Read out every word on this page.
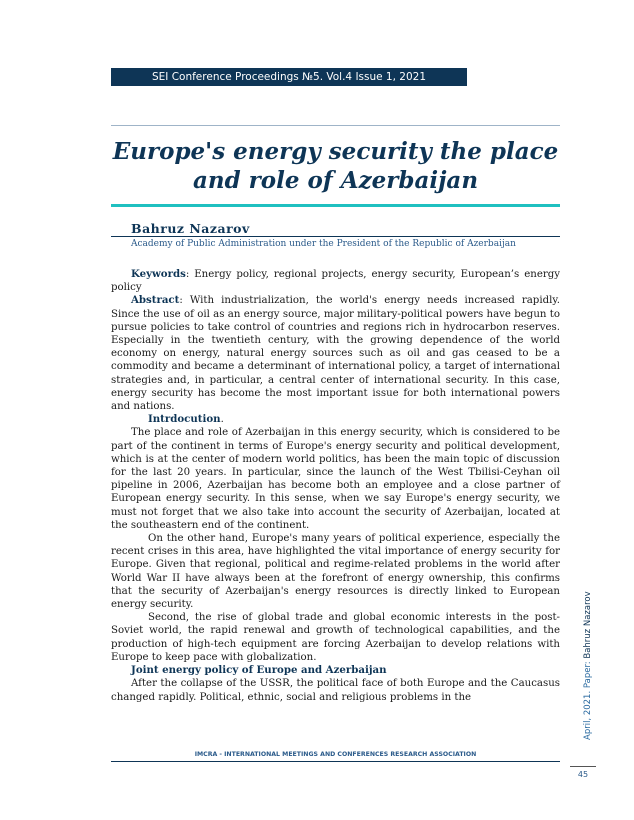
SEI Conference Proceedings №5. Vol.4 Issue 1, 2021
Europe's energy security the place
and role of Azerbaijan
Bahruz Nazarov
Academy of Public Administration under the President of the Republic of Azerbaijan

Keywords: Energy policy, regional projects, energy security, European’s energy policy

Abstract: With industrialization, the world's energy needs increased rapidly. Since the use of oil as an energy source, major military-political powers have begun to pursue policies to take control of countries and regions rich in hydrocarbon reserves. Especially in the twentieth century, with the growing dependence of the world economy on energy, natural energy sources such as oil and gas ceased to be a commodity and became a determinant of international policy, a target of international strategies and, in particular, a central center of international security. In this case, energy security has become the most important issue for both international powers and nations.

Intrdocution.

The place and role of Azerbaijan in this energy security, which is considered to be part of the continent in terms of Europe's energy security and political development, which is at the center of modern world politics, has been the main topic of discussion for the last 20 years. In particular, since the launch of the West Tbilisi-Ceyhan oil pipeline in 2006, Azerbaijan has become both an employee and a close partner of European energy security. In this sense, when we say Europe's energy security, we must not forget that we also take into account the security of Azerbaijan, located at the southeastern end of the continent.

On the other hand, Europe's many years of political experience, especially the recent crises in this area, have highlighted the vital importance of energy security for Europe. Given that regional, political and regime-related problems in the world after World War II have always been at the forefront of energy ownership, this confirms that the security of Azerbaijan's energy resources is directly linked to European energy security.

Second, the rise of global trade and global economic interests in the post-Soviet world, the rapid renewal and growth of technological capabilities, and the production of high-tech equipment are forcing Azerbaijan to develop relations with Europe to keep pace with globalization.

Joint energy policy of Europe and Azerbaijan

After the collapse of the USSR, the political face of both Europe and the Caucasus changed rapidly. Political, ethnic, social and religious problems in the

IMCRA - INTERNATIONAL MEETINGS AND CONFERENCES RESEARCH ASSOCIATION
45
April, 2021. Paper: Bahruz Nazarov
